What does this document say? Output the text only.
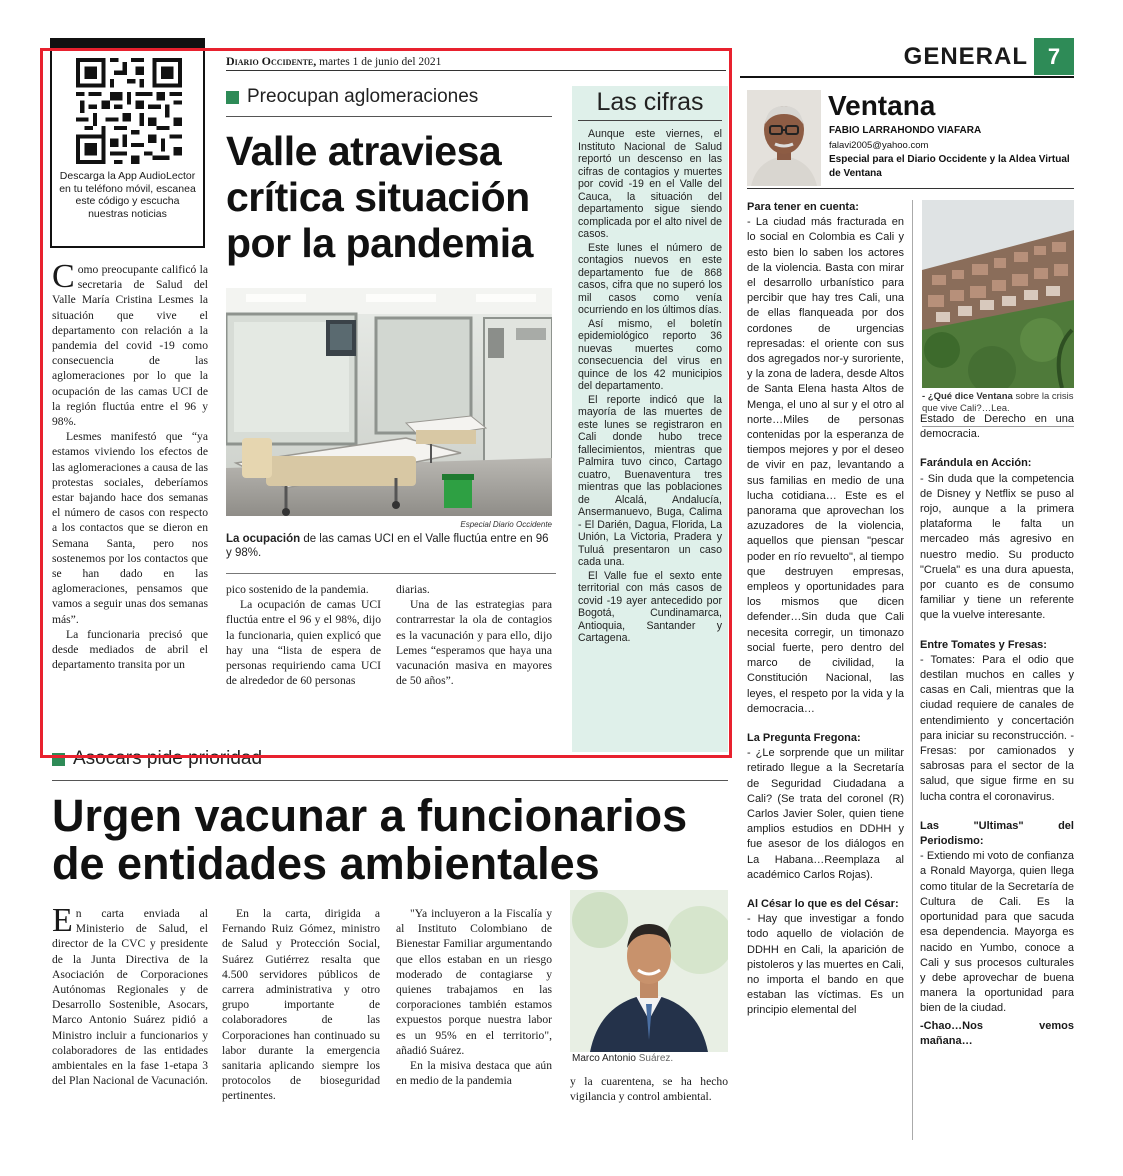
Diario Occidente, martes 1 de junio del 2021	GENERAL 7
Descarga la App AudioLector en tu teléfono móvil, escanea este código y escucha nuestras noticias
Preocupan aglomeraciones
Valle atraviesa crítica situación por la pandemia

Como preocupante calificó la secretaria de Salud del Valle María Cristina Lesmes la situación que vive el departamento con relación a la pandemia del covid -19 como consecuencia de las aglomeraciones por lo que la ocupación de las camas UCI de la región fluctúa entre el 96 y 98%.

Lesmes manifestó que “ya estamos viviendo los efectos de las aglomeraciones a causa de las protestas sociales, deberíamos estar bajando hace dos semanas el número de casos con respecto a los contactos que se dieron en Semana Santa, pero nos sostenemos por los contactos que se han dado en las aglomeraciones, pensamos que vamos a seguir unas dos semanas más”.

La funcionaria precisó que desde mediados de abril el departamento transita por un

Especial Diario Occidente
La ocupación de las camas UCI en el Valle fluctúa entre en 96 y 98%.

pico sostenido de la pandemia.

La ocupación de camas UCI fluctúa entre el 96 y el 98%, dijo la funcionaria, quien explicó que hay una “lista de espera de personas requiriendo cama UCI de alrededor de 60 personas

diarias.

Una de las estrategias para contrarrestar la ola de contagios es la vacunación y para ello, dijo Lemes “esperamos que haya una vacunación masiva en mayores de 50 años”.

Las cifras

Aunque este viernes, el Instituto Nacional de Salud reportó un descenso en las cifras de contagios y muertes por covid -19 en el Valle del Cauca, la situación del departamento sigue siendo complicada por el alto nivel de casos.

Este lunes el número de contagios nuevos en este departamento fue de 868 casos, cifra que no superó los mil casos como venía ocurriendo en los últimos días.

Así mismo, el boletín epidemiológico reporto 36 nuevas muertes como consecuencia del virus en quince de los 42 municipios del departamento.

El reporte indicó que la mayoría de las muertes de este lunes se registraron en Cali donde hubo trece fallecimientos, mientras que Palmira tuvo cinco, Cartago cuatro, Buenaventura tres mientras que las poblaciones de Alcalá, Andalucía, Ansermanuevo, Buga, Calima - El Darién, Dagua, Florida, La Unión, La Victoria, Pradera y Tuluá presentaron un caso cada una.

El Valle fue el sexto ente territorial con más casos de covid -19 ayer antecedido por Bogotá, Cundinamarca, Antioquia, Santander y Cartagena.

Asocars pide prioridad
Urgen vacunar a funcionarios de entidades ambientales

En carta enviada al Ministerio de Salud, el director de la CVC y presidente de la Junta Directiva de la Asociación de Corporaciones Autónomas Regionales y de Desarrollo Sostenible, Asocars, Marco Antonio Suárez pidió a Ministro incluir a funcionarios y colaboradores de las entidades ambientales en la fase 1-etapa 3 del Plan Nacional de Vacunación.

En la carta, dirigida a Fernando Ruiz Gómez, ministro de Salud y Protección Social, Suárez Gutiérrez resalta que 4.500 servidores públicos de carrera administrativa y otro grupo importante de colaboradores de las Corporaciones han continuado su labor durante la emergencia sanitaria aplicando siempre los protocolos de bioseguridad pertinentes.

"Ya incluyeron a la Fiscalía y al Instituto Colombiano de Bienestar Familiar argumentando que ellos estaban en un riesgo moderado de contagiarse y quienes trabajamos en las corporaciones también estamos expuestos porque nuestra labor es un 95% en el territorio", añadió Suárez.

En la misiva destaca que aún en medio de la pandemia

Marco Antonio Suárez.

y la cuarentena, se ha hecho vigilancia y control ambiental.

Ventana
FABIO LARRAHONDO VIAFARA
falavi2005@yahoo.com
Especial para el Diario Occidente y la Aldea Virtual de Ventana
Para tener en cuenta:

- La ciudad más fracturada en lo social en Colombia es Cali y esto bien lo saben los actores de la violencia. Basta con mirar el desarrollo urbanístico para percibir que hay tres Cali, una de ellas flanqueada por dos cordones de urgencias represadas: el oriente con sus dos agregados nor-y suroriente, y la zona de ladera, desde Altos de Santa Elena hasta Altos de Menga, el uno al sur y el otro al norte…Miles de personas contenidas por la esperanza de tiempos mejores y por el deseo de vivir en paz, levantando a sus familias en medio de una lucha cotidiana… Este es el panorama que aprovechan los azuzadores de la violencia, aquellos que piensan "pescar poder en río revuelto", al tiempo que destruyen empresas, empleos y oportunidades para los mismos que dicen defender…Sin duda que Cali necesita corregir, un timonazo social fuerte, pero dentro del marco de civilidad, la Constitución Nacional, las leyes, el respeto por la vida y la democracia…

La Pregunta Fregona:

- ¿Le sorprende que un militar retirado llegue a la Secretaría de Seguridad Ciudadana a Cali? (Se trata del coronel (R) Carlos Javier Soler, quien tiene amplios estudios en DDHH y fue asesor de los diálogos en La Habana…Reemplaza al académico Carlos Rojas).

Al César lo que es del César:

- Hay que investigar a fondo todo aquello de violación de DDHH en Cali, la aparición de pistoleros y las muertes en Cali, no importa el bando en que estaban las víctimas. Es un principio elemental del

- ¿Qué dice Ventana sobre la crisis que vive Cali?…Lea.

Estado de Derecho en una democracia.

Farándula en Acción:

- Sin duda que la competencia de Disney y Netflix se puso al rojo, aunque a la primera plataforma le falta un mercadeo más agresivo en nuestro medio. Su producto "Cruela" es una dura apuesta, por cuanto es de consumo familiar y tiene un referente que la vuelve interesante.

Entre Tomates y Fresas:

- Tomates: Para el odio que destilan muchos en calles y casas en Cali, mientras que la ciudad requiere de canales de entendimiento y concertación para iniciar su reconstrucción. - Fresas: por camionados y sabrosas para el sector de la salud, que sigue firme en su lucha contra el coronavirus.

Las "Ultimas" del Periodismo:

- Extiendo mi voto de confianza a Ronald Mayorga, quien llega como titular de la Secretaría de Cultura de Cali. Es la oportunidad para que sacuda esa dependencia. Mayorga es nacido en Yumbo, conoce a Cali y sus procesos culturales y debe aprovechar de buena manera la oportunidad para bien de la ciudad.

-Chao…Nos vemos mañana…
